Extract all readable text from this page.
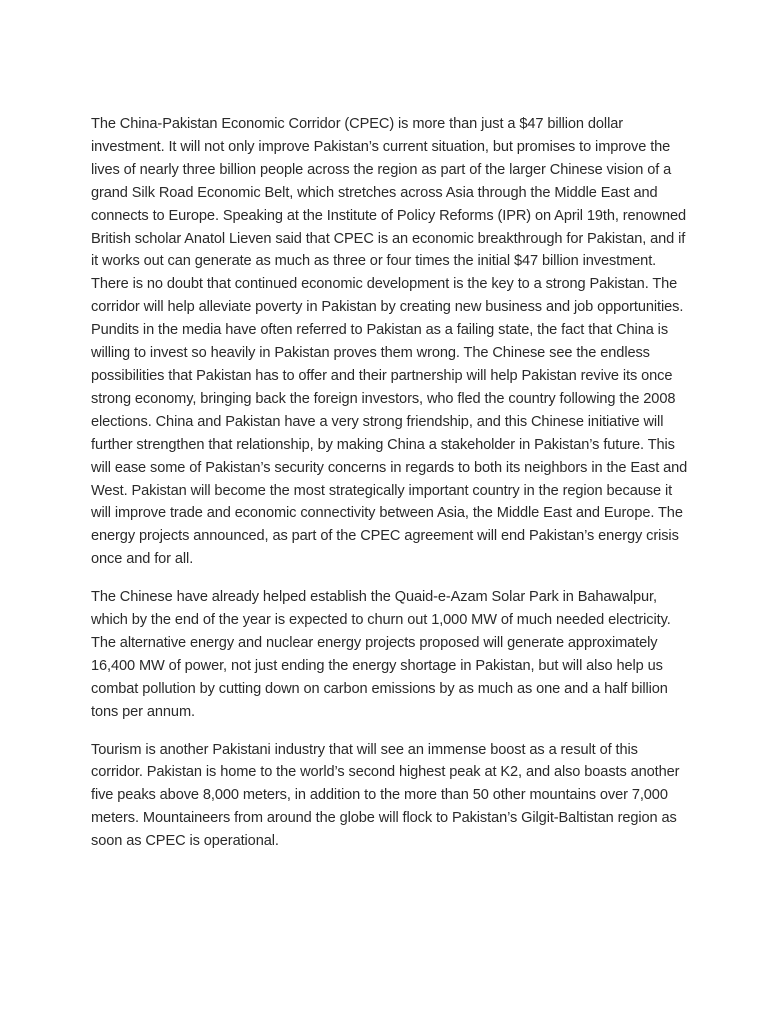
The China-Pakistan Economic Corridor (CPEC) is more than just a $47 billion dollar investment. It will not only improve Pakistan’s current situation, but promises to improve the lives of nearly three billion people across the region as part of the larger Chinese vision of a grand Silk Road Economic Belt, which stretches across Asia through the Middle East and connects to Europe. Speaking at the Institute of Policy Reforms (IPR) on April 19th, renowned British scholar Anatol Lieven said that CPEC is an economic breakthrough for Pakistan, and if it works out can generate as much as three or four times the initial $47 billion investment. There is no doubt that continued economic development is the key to a strong Pakistan. The corridor will help alleviate poverty in Pakistan by creating new business and job opportunities. Pundits in the media have often referred to Pakistan as a failing state, the fact that China is willing to invest so heavily in Pakistan proves them wrong. The Chinese see the endless possibilities that Pakistan has to offer and their partnership will help Pakistan revive its once strong economy, bringing back the foreign investors, who fled the country following the 2008 elections. China and Pakistan have a very strong friendship, and this Chinese initiative will further strengthen that relationship, by making China a stakeholder in Pakistan’s future. This will ease some of Pakistan’s security concerns in regards to both its neighbors in the East and West. Pakistan will become the most strategically important country in the region because it will improve trade and economic connectivity between Asia, the Middle East and Europe. The energy projects announced, as part of the CPEC agreement will end Pakistan’s energy crisis once and for all.

The Chinese have already helped establish the Quaid-e-Azam Solar Park in Bahawalpur, which by the end of the year is expected to churn out 1,000 MW of much needed electricity. The alternative energy and nuclear energy projects proposed will generate approximately 16,400 MW of power, not just ending the energy shortage in Pakistan, but will also help us combat pollution by cutting down on carbon emissions by as much as one and a half billion tons per annum.

Tourism is another Pakistani industry that will see an immense boost as a result of this corridor. Pakistan is home to the world’s second highest peak at K2, and also boasts another five peaks above 8,000 meters, in addition to the more than 50 other mountains over 7,000 meters. Mountaineers from around the globe will flock to Pakistan’s Gilgit-Baltistan region as soon as CPEC is operational.
